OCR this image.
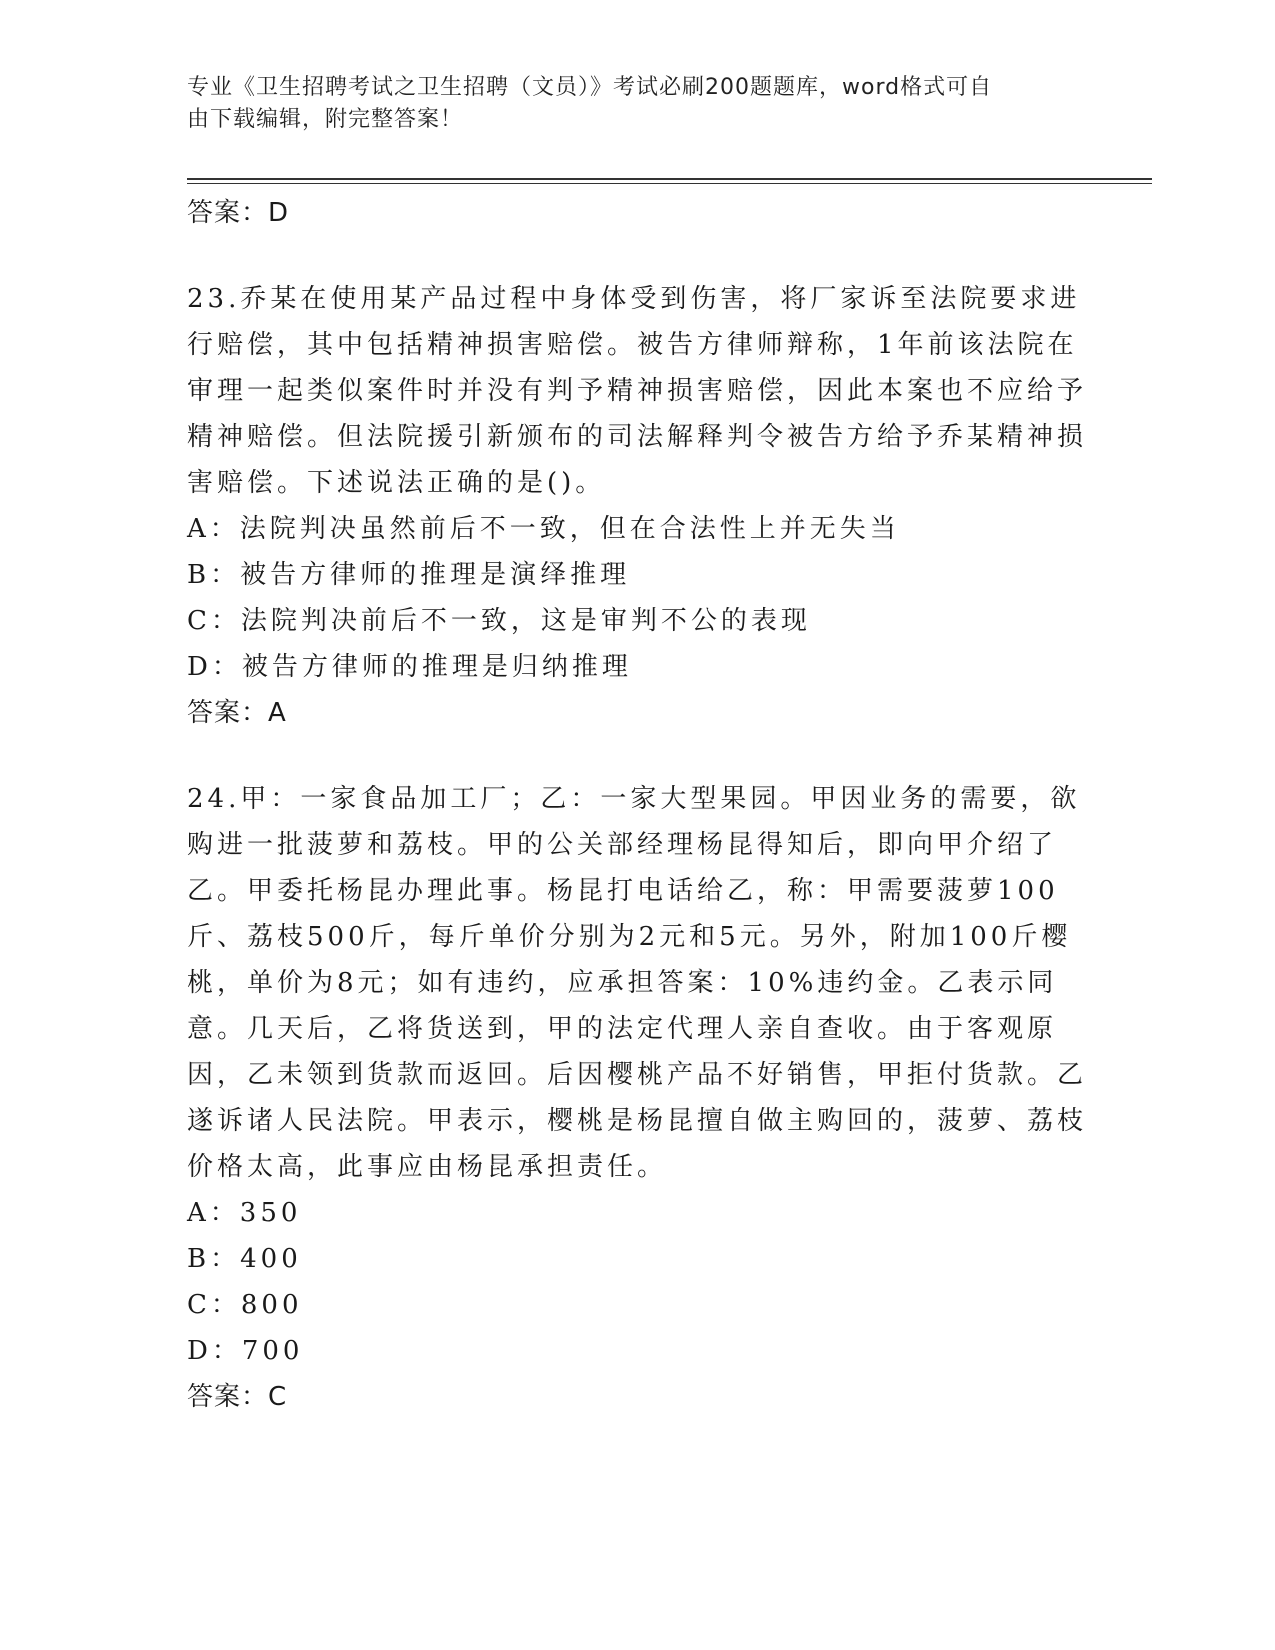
专业《卫生招聘考试之卫生招聘（文员）》考试必刷200题题库，word格式可自
由下载编辑，附完整答案！
答案：D
23.乔某在使用某产品过程中身体受到伤害，将厂家诉至法院要求进行赔偿，其中包括精神损害赔偿。被告方律师辩称，1年前该法院在审理一起类似案件时并没有判予精神损害赔偿，因此本案也不应给予精神赔偿。但法院援引新颁布的司法解释判令被告方给予乔某精神损害赔偿。下述说法正确的是()。
A：法院判决虽然前后不一致，但在合法性上并无失当
B：被告方律师的推理是演绎推理
C：法院判决前后不一致，这是审判不公的表现
D：被告方律师的推理是归纳推理
答案：A
24.甲：一家食品加工厂；乙：一家大型果园。甲因业务的需要，欲购进一批菠萝和荔枝。甲的公关部经理杨昆得知后，即向甲介绍了乙。甲委托杨昆办理此事。杨昆打电话给乙，称：甲需要菠萝100斤、荔枝500斤，每斤单价分别为2元和5元。另外，附加100斤樱桃，单价为8元；如有违约，应承担答案：10%违约金。乙表示同意。几天后，乙将货送到，甲的法定代理人亲自查收。由于客观原因，乙未领到货款而返回。后因樱桃产品不好销售，甲拒付货款。乙遂诉诸人民法院。甲表示，樱桃是杨昆擅自做主购回的，菠萝、荔枝价格太高，此事应由杨昆承担责任。
A：350
B：400
C：800
D：700
答案：C
